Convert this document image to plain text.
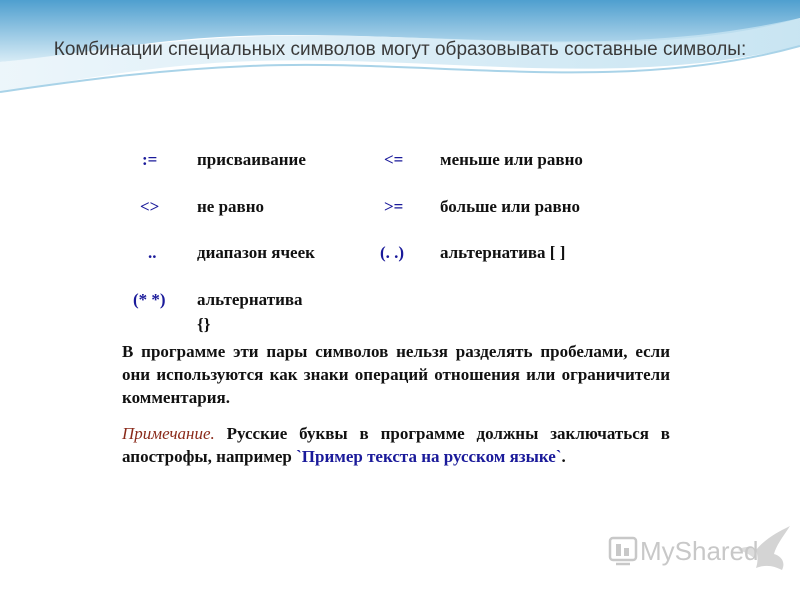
Комбинации специальных символов могут образовывать составные символы:
:= присваивание	<= меньше или равно
<> не равно	>= больше или равно
.. диапазон ячеек	(. .) альтернатива [ ]
(* *) альтернатива
{}
В программе эти пары символов нельзя разделять пробелами, если они используются как знаки операций отношения или ограничители комментария.
Примечание. Русские буквы в программе должны заключаться в апострофы, например `Пример текста на русском языке`.
MyShared
